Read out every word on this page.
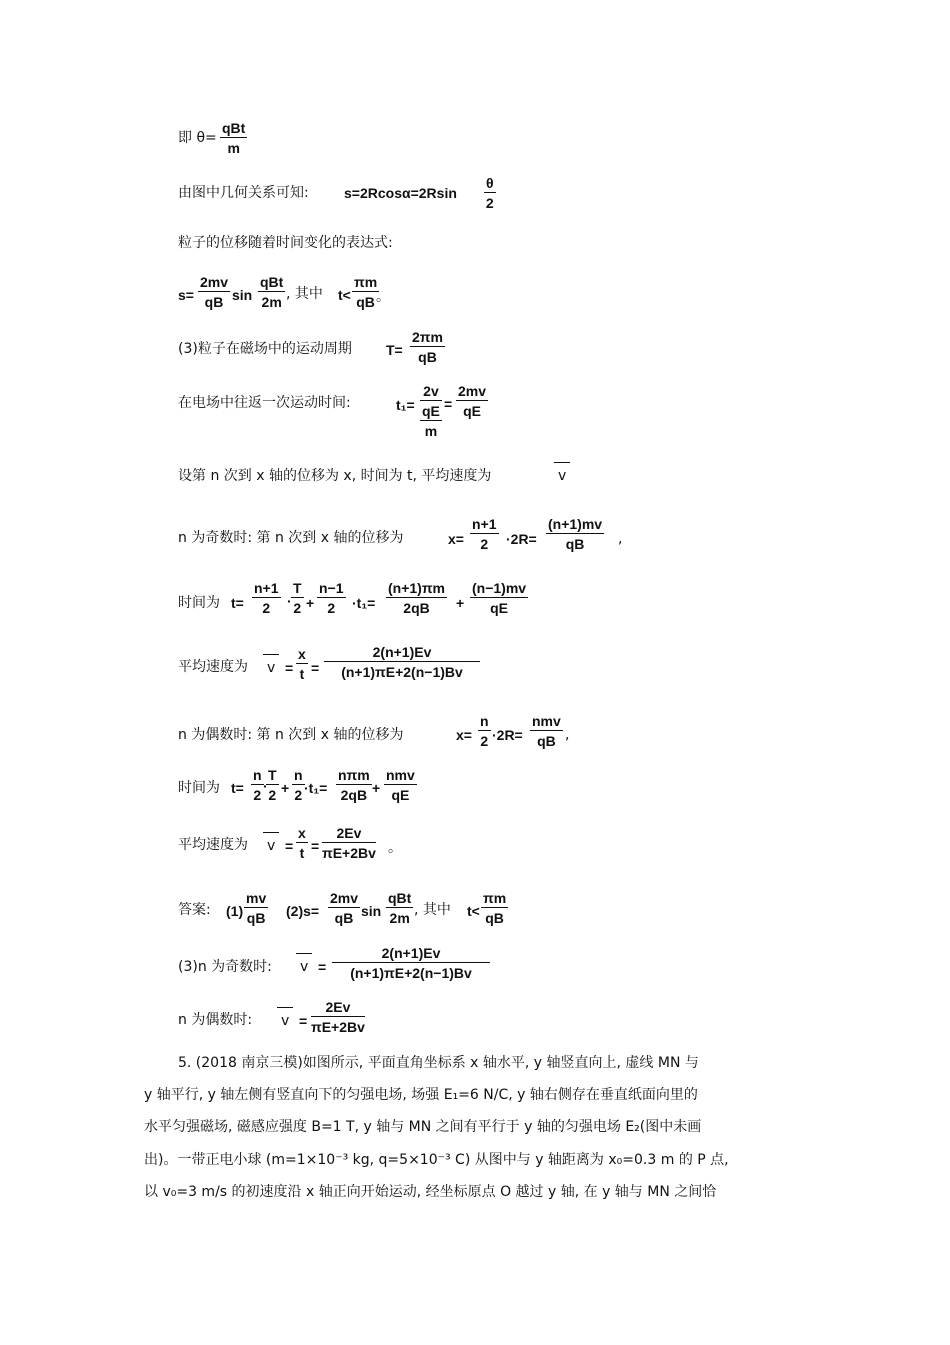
即 θ=
qBt
m
由图中几何关系可知:	$s=2Rcos\alpha=2Rsin \frac{\theta}{2}$
粒子的位移随着时间变化的表达式:
$s= \frac{2mv}{qB}$ sin
qBt
2m , 其中 $t< \frac{\pi m}{qB}$
。
(3)粒子在磁场中的运动周期 $T= \frac{2\pi m}{qB}$
在电场中往返一次运动时间:	t₁=
2v
qE
m
= $\frac{2mv}{qE}$
设第 n 次到 x 轴的位移为 x, 时间为 t, 平均速度为	v
n 为奇数时: 第 n 次到 x 轴的位移为	$x= \frac{n+1}{2} \cdot 2R= \frac{(n+1)mv}{qB}$ ,
时间为 $t= \frac{n+1}{2} \cdot \frac{T}{2} + \frac{n-1}{2} \cdot t_1= \frac{(n+1)\pi m}{2qB} + \frac{(n-1)mv}{qE}$
平均速度为 $v = \frac{x}{t} = \frac{2(n+1)Ev}{(n+1)\pi E+2(n-1)Bv}$
n 为偶数时: 第 n 次到 x 轴的位移为	$x= \frac{n}{2} \cdot 2R=$
nmv
qB ,
时间为 $t= \frac{n}{2}$ ·
$\frac{T}{2} + \frac{n}{2} \cdot t_1=$
nπm
2qB +
nmv
qE
平均速度为 $v = \frac{x}{t} = \frac{2Ev}{\pi E+2Bv}$ 。
答案: $(1) \frac{mv}{qB} (2)s= \frac{2mv}{qB}$ sin
qBt
2m , 其中 $t< \frac{\pi m}{qB}$
(3)n 为奇数时: $v = \frac{2(n+1)Ev}{(n+1)\pi E+2(n-1)Bv}$
n 为偶数时: $v = \frac{2Ev}{\pi E+2Bv}$
5. (2018 南京三模)如图所示, 平面直角坐标系 x 轴水平, y 轴竖直向上, 虚线 MN 与
y 轴平行, y 轴左侧有竖直向下的匀强电场, 场强 E₁=6 N/C, y 轴右侧存在垂直纸面向里的
水平匀强磁场, 磁感应强度 B=1 T, y 轴与 MN 之间有平行于 y 轴的匀强电场 E₂(图中未画
出)。一带正电小球 (m=1×10⁻³ kg, q=5×10⁻³ C) 从图中与 y 轴距离为 x₀=0.3 m 的 P 点,
以 v₀=3 m/s 的初速度沿 x 轴正向开始运动, 经坐标原点 O 越过 y 轴, 在 y 轴与 MN 之间恰
